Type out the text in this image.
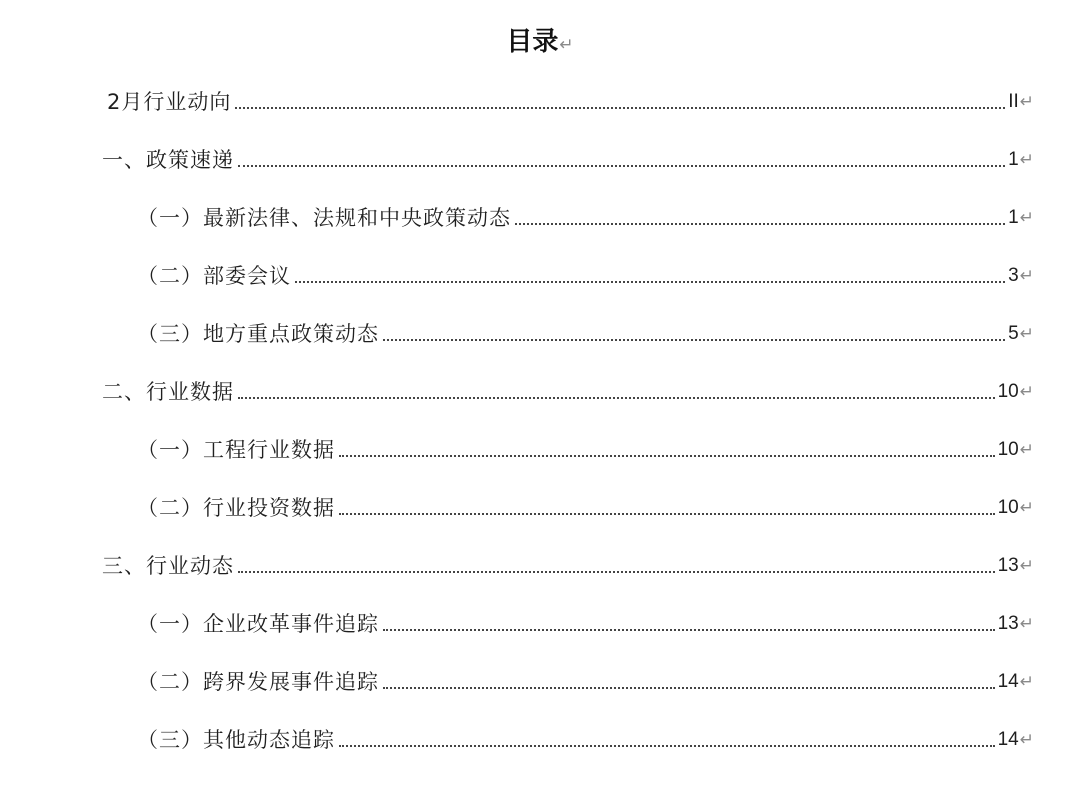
目录↵
2月行业动向	II ↵
一、政策速递	1 ↵
（一）最新法律、法规和中央政策动态	1 ↵
（二）部委会议	3 ↵
（三）地方重点政策动态	5 ↵
二、行业数据	10 ↵
（一）工程行业数据	10 ↵
（二）行业投资数据	10 ↵
三、行业动态	13 ↵
（一）企业改革事件追踪	13 ↵
（二）跨界发展事件追踪	14 ↵
（三）其他动态追踪	14 ↵
